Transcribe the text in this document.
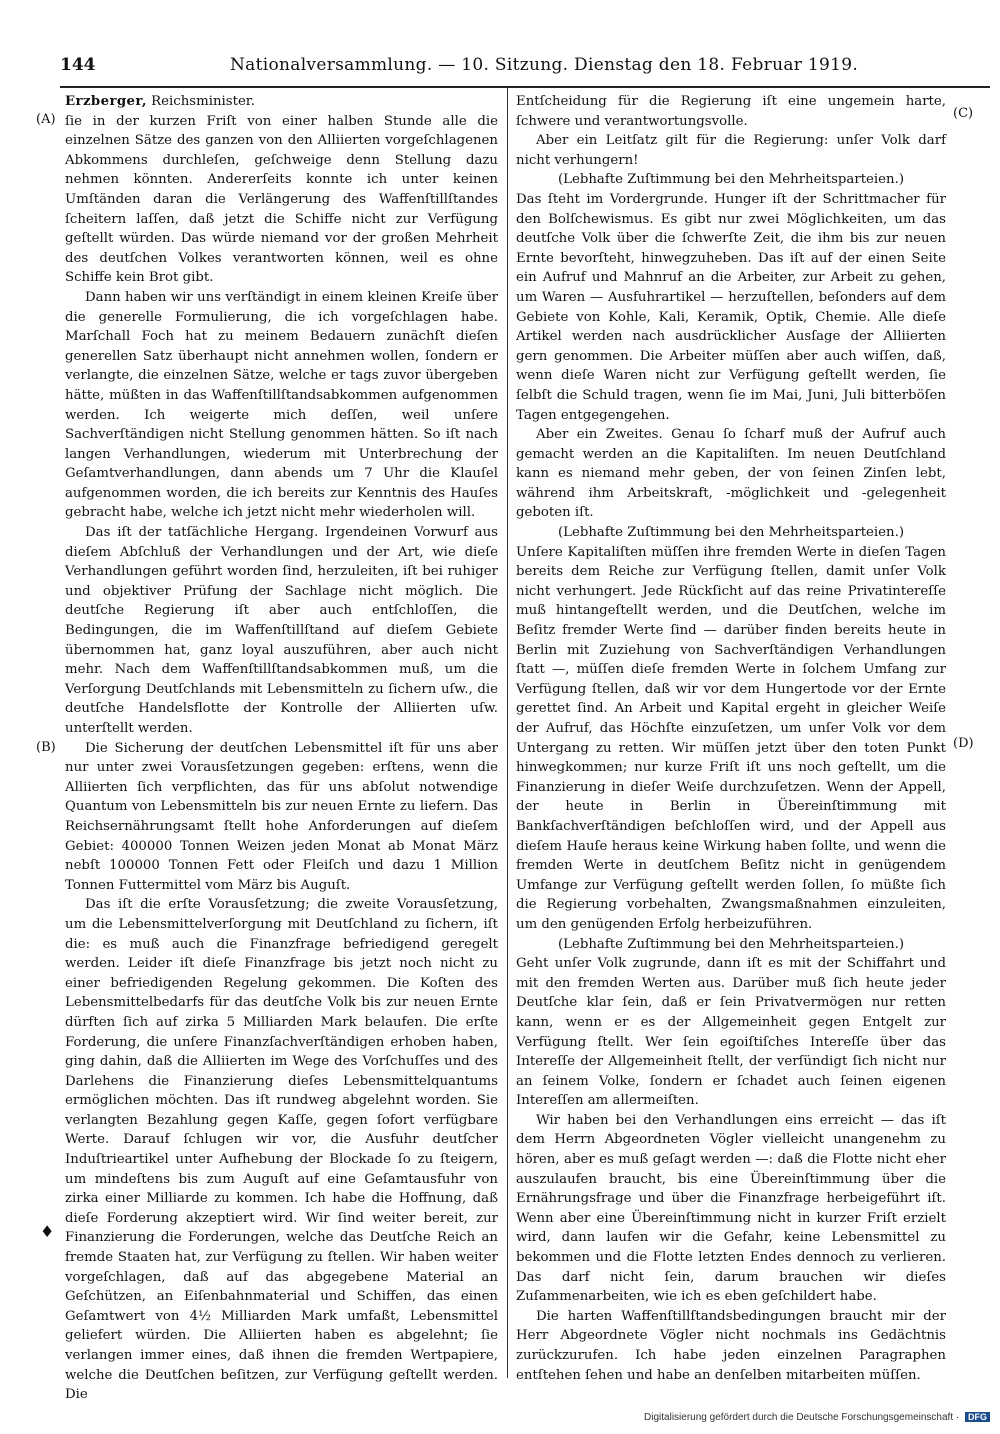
144	Nationalversammlung. — 10. Sitzung. Dienstag den 18. Februar 1919.
(A)
(B)
(C)
(D)
♦

Erzberger, Reichsminister.

ſie in der kurzen Friſt von einer halben Stunde alle die einzelnen Sätze des ganzen von den Alliierten vorgeſchlagenen Abkommens durchleſen, geſchweige denn Stellung dazu nehmen könnten. Andererſeits konnte ich unter keinen Umſtänden daran die Verlängerung des Waffenſtillſtandes ſcheitern laſſen, daß jetzt die Schiffe nicht zur Verfügung geſtellt würden. Das würde niemand vor der großen Mehrheit des deutſchen Volkes verantworten können, weil es ohne Schiffe kein Brot gibt.

Dann haben wir uns verſtändigt in einem kleinen Kreiſe über die generelle Formulierung, die ich vorgeſchlagen habe. Marſchall Foch hat zu meinem Bedauern zunächſt dieſen generellen Satz überhaupt nicht annehmen wollen, ſondern er verlangte, die einzelnen Sätze, welche er tags zuvor übergeben hätte, müßten in das Waffenſtillſtandsabkommen aufgenommen werden. Ich weigerte mich deſſen, weil unſere Sachverſtändigen nicht Stellung genommen hätten. So iſt nach langen Verhandlungen, wiederum mit Unterbrechung der Geſamtverhandlungen, dann abends um 7 Uhr die Klauſel aufgenommen worden, die ich bereits zur Kenntnis des Hauſes gebracht habe, welche ich jetzt nicht mehr wiederholen will.

Das iſt der tatſächliche Hergang. Irgendeinen Vorwurf aus dieſem Abſchluß der Verhandlungen und der Art, wie dieſe Verhandlungen geführt worden ſind, herzuleiten, iſt bei ruhiger und objektiver Prüfung der Sachlage nicht möglich. Die deutſche Regierung iſt aber auch entſchloſſen, die Bedingungen, die im Waffenſtillſtand auf dieſem Gebiete übernommen hat, ganz loyal auszuführen, aber auch nicht mehr. Nach dem Waffenſtillſtandsabkommen muß, um die Verſorgung Deutſchlands mit Lebensmitteln zu ſichern uſw., die deutſche Handelsflotte der Kontrolle der Alliierten uſw. unterſtellt werden.

Die Sicherung der deutſchen Lebensmittel iſt für uns aber nur unter zwei Vorausſetzungen gegeben: erſtens, wenn die Alliierten ſich verpflichten, das für uns abſolut notwendige Quantum von Lebensmitteln bis zur neuen Ernte zu liefern. Das Reichsernährungsamt ſtellt hohe Anforderungen auf dieſem Gebiet: 400000 Tonnen Weizen jeden Monat ab Monat März nebſt 100000 Tonnen Fett oder Fleiſch und dazu 1 Million Tonnen Futtermittel vom März bis Auguſt.

Das iſt die erſte Vorausſetzung; die zweite Vorausſetzung, um die Lebensmittelverſorgung mit Deutſchland zu ſichern, iſt die: es muß auch die Finanzfrage befriedigend geregelt werden. Leider iſt dieſe Finanzfrage bis jetzt noch nicht zu einer befriedigenden Regelung gekommen. Die Koſten des Lebensmittelbedarfs für das deutſche Volk bis zur neuen Ernte dürften ſich auf zirka 5 Milliarden Mark belaufen. Die erſte Forderung, die unſere Finanzſachverſtändigen erhoben haben, ging dahin, daß die Alliierten im Wege des Vorſchuſſes und des Darlehens die Finanzierung dieſes Lebensmittelquantums ermöglichen möchten. Das iſt rundweg abgelehnt worden. Sie verlangten Bezahlung gegen Kaſſe, gegen ſofort verfügbare Werte. Darauf ſchlugen wir vor, die Ausfuhr deutſcher Induſtrieartikel unter Aufhebung der Blockade ſo zu ſteigern, um mindeſtens bis zum Auguſt auf eine Geſamtausfuhr von zirka einer Milliarde zu kommen. Ich habe die Hoffnung, daß dieſe Forderung akzeptiert wird. Wir ſind weiter bereit, zur Finanzierung die Forderungen, welche das Deutſche Reich an fremde Staaten hat, zur Verfügung zu ſtellen. Wir haben weiter vorgeſchlagen, daß auf das abgegebene Material an Geſchützen, an Eiſenbahnmaterial und Schiffen, das einen Geſamtwert von 4½ Milliarden Mark umfaßt, Lebensmittel geliefert würden. Die Alliierten haben es abgelehnt; ſie verlangen immer eines, daß ihnen die fremden Wertpapiere, welche die Deutſchen beſitzen, zur Verfügung geſtellt werden. Die

Entſcheidung für die Regierung iſt eine ungemein harte, ſchwere und verantwortungsvolle.

Aber ein Leitſatz gilt für die Regierung: unſer Volk darf nicht verhungern!

(Lebhafte Zuſtimmung bei den Mehrheitsparteien.)

Das ſteht im Vordergrunde. Hunger iſt der Schrittmacher für den Bolſchewismus. Es gibt nur zwei Möglichkeiten, um das deutſche Volk über die ſchwerſte Zeit, die ihm bis zur neuen Ernte bevorſteht, hinwegzuheben. Das iſt auf der einen Seite ein Aufruf und Mahnruf an die Arbeiter, zur Arbeit zu gehen, um Waren — Ausfuhrartikel — herzuſtellen, beſonders auf dem Gebiete von Kohle, Kali, Keramik, Optik, Chemie. Alle dieſe Artikel werden nach ausdrücklicher Ausſage der Alliierten gern genommen. Die Arbeiter müſſen aber auch wiſſen, daß, wenn dieſe Waren nicht zur Verfügung geſtellt werden, ſie ſelbſt die Schuld tragen, wenn ſie im Mai, Juni, Juli bitterböſen Tagen entgegengehen.

Aber ein Zweites. Genau ſo ſcharf muß der Aufruf auch gemacht werden an die Kapitaliſten. Im neuen Deutſchland kann es niemand mehr geben, der von ſeinen Zinſen lebt, während ihm Arbeitskraft, -möglichkeit und -gelegenheit geboten iſt.

(Lebhafte Zuſtimmung bei den Mehrheitsparteien.)

Unſere Kapitaliſten müſſen ihre fremden Werte in dieſen Tagen bereits dem Reiche zur Verfügung ſtellen, damit unſer Volk nicht verhungert. Jede Rückſicht auf das reine Privatintereſſe muß hintangeſtellt werden, und die Deutſchen, welche im Beſitz fremder Werte ſind — darüber finden bereits heute in Berlin mit Zuziehung von Sachverſtändigen Verhandlungen ſtatt —, müſſen dieſe fremden Werte in ſolchem Umfang zur Verfügung ſtellen, daß wir vor dem Hungertode vor der Ernte gerettet ſind. An Arbeit und Kapital ergeht in gleicher Weiſe der Aufruf, das Höchſte einzuſetzen, um unſer Volk vor dem Untergang zu retten. Wir müſſen jetzt über den toten Punkt hinwegkommen; nur kurze Friſt iſt uns noch geſtellt, um die Finanzierung in dieſer Weiſe durchzuſetzen. Wenn der Appell, der heute in Berlin in Übereinſtimmung mit Bankſachverſtändigen beſchloſſen wird, und der Appell aus dieſem Hauſe heraus keine Wirkung haben ſollte, und wenn die fremden Werte in deutſchem Beſitz nicht in genügendem Umfange zur Verfügung geſtellt werden ſollen, ſo müßte ſich die Regierung vorbehalten, Zwangsmaßnahmen einzuleiten, um den genügenden Erfolg herbeizuführen.

(Lebhafte Zuſtimmung bei den Mehrheitsparteien.)

Geht unſer Volk zugrunde, dann iſt es mit der Schiffahrt und mit den fremden Werten aus. Darüber muß ſich heute jeder Deutſche klar ſein, daß er ſein Privatvermögen nur retten kann, wenn er es der Allgemeinheit gegen Entgelt zur Verfügung ſtellt. Wer ſein egoiſtiſches Intereſſe über das Intereſſe der Allgemeinheit ſtellt, der verſündigt ſich nicht nur an ſeinem Volke, ſondern er ſchadet auch ſeinen eigenen Intereſſen am allermeiſten.

Wir haben bei den Verhandlungen eins erreicht — das iſt dem Herrn Abgeordneten Vögler vielleicht unangenehm zu hören, aber es muß geſagt werden —: daß die Flotte nicht eher auszulaufen braucht, bis eine Übereinſtimmung über die Ernährungsfrage und über die Finanzfrage herbeigeführt iſt. Wenn aber eine Übereinſtimmung nicht in kurzer Friſt erzielt wird, dann laufen wir die Gefahr, keine Lebensmittel zu bekommen und die Flotte letzten Endes dennoch zu verlieren. Das darf nicht ſein, darum brauchen wir dieſes Zuſammenarbeiten, wie ich es eben geſchildert habe.

Die harten Waffenſtillſtandsbedingungen braucht mir der Herr Abgeordnete Vögler nicht nochmals ins Gedächtnis zurückzurufen. Ich habe jeden einzelnen Paragraphen entſtehen ſehen und habe an denſelben mitarbeiten müſſen.

Digitalisierung gefördert durch die Deutsche Forschungsgemeinschaft · DFG
